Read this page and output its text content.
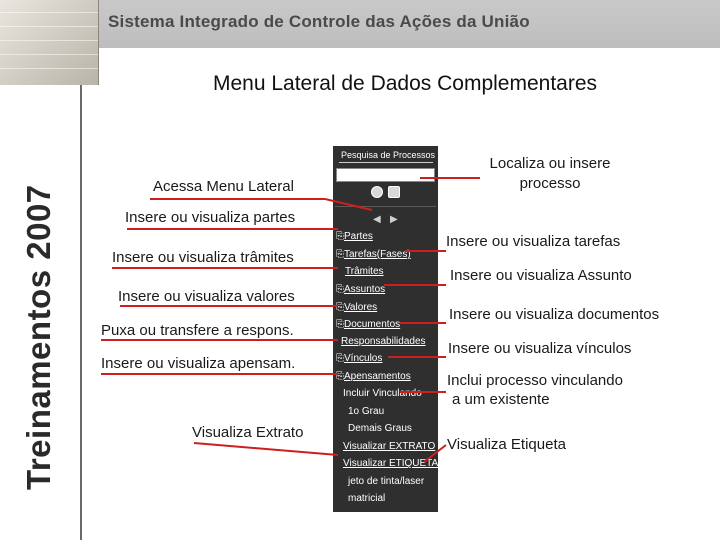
Sistema Integrado de Controle das Ações da União
Treinamentos 2007
Menu Lateral de Dados Complementares
Acessa Menu Lateral
Insere ou visualiza partes
Insere ou visualiza trâmites
Insere ou visualiza valores
Puxa ou transfere a respons.
Insere ou visualiza apensam.
Visualiza Extrato
Localiza ou insere
processo
Insere ou visualiza tarefas
Insere ou visualiza Assunto
Insere ou visualiza documentos
Insere ou visualiza vínculos
Inclui processo vinculando
a um existente
Visualiza Etiqueta
Pesquisa de Processos
◀ ▶
⎘Partes
⎘Tarefas(Fases)
Trâmites
⎘Assuntos
⎘Valores
⎘Documentos
Responsabilidades
⎘Vínculos
⎘Apensamentos
Incluir Vinculando
1o Grau
Demais Graus
Visualizar EXTRATO
Visualizar ETIQUETA
jeto de tinta/laser
matricial
